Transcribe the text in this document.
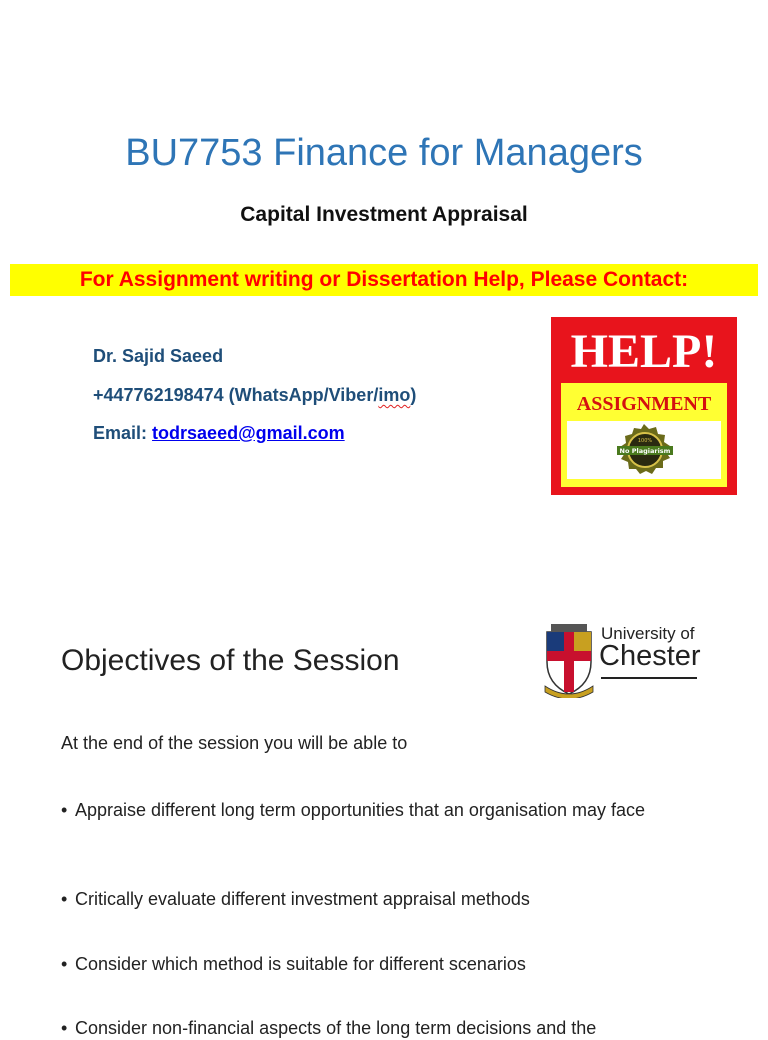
BU7753 Finance for Managers
Capital Investment Appraisal
For Assignment writing or Dissertation Help, Please Contact:
Dr. Sajid Saeed
+447762198474 (WhatsApp/Viber/imo)
Email: todrsaeed@gmail.com
HELP!
ASSIGNMENT
No Plagiarism
100%
Objectives of the Session
University of
Chester
At the end of the session you will be able to
• Appraise different long term opportunities that an organisation may face
• Critically evaluate different investment appraisal methods
• Consider which method is suitable for different scenarios
• Consider non-financial aspects of the long term decisions and the
